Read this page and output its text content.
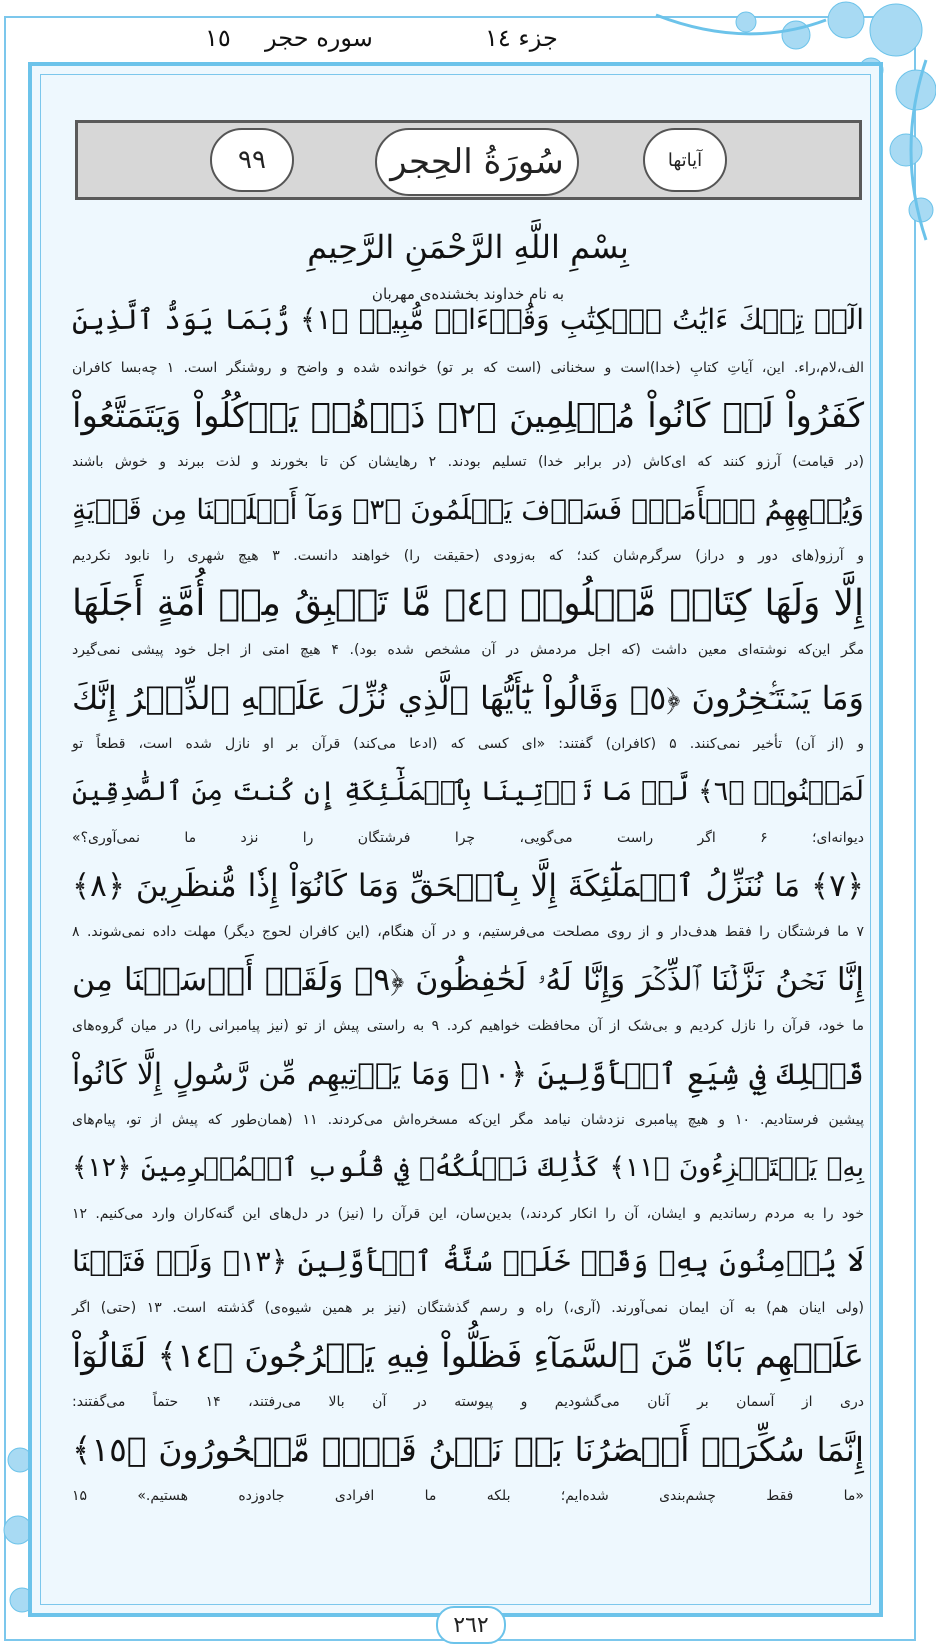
جزء ١٤
سوره حجر
١٥
٩٩	سُورَةُ الحِجر	آیاتها
بِسْمِ اللَّهِ الرَّحْمَنِ الرَّحِيمِ
به نام خداوند بخشنده‌ی مهربان
الٓرۚ تِلۡكَ ءَايَٰتُ ٱلۡكِتَٰبِ وَقُرۡءَانٖ مُّبِينٖ ﴿١﴾ رُّبَمَا يَوَدُّ ٱلَّذِينَ
الف،لام،راء. این، آیاتِ کتابِ (خدا)است و سخنانی (است که بر تو) خوانده شده و واضح و روشنگر است. ۱ چه‌بسا کافران
كَفَرُواْ لَوۡ كَانُواْ مُسۡلِمِينَ ﴿٢﴾ ذَرۡهُمۡ يَأۡكُلُواْ وَيَتَمَتَّعُواْ
(در قیامت) آرزو کنند که ای‌کاش (در برابر خدا) تسلیم بودند. ۲ رهایشان کن تا بخورند و لذت ببرند و خوش باشند
وَيُلۡهِهِمُ ٱلۡأَمَلُۖ فَسَوۡفَ يَعۡلَمُونَ ﴿٣﴾ وَمَآ أَهۡلَكۡنَا مِن قَرۡيَةٍ
و آرزو(های دور و دراز) سرگرم‌شان کند؛ که به‌زودی (حقیقت را) خواهند دانست. ۳ هیچ شهری را نابود نکردیم
إِلَّا وَلَهَا كِتَابٞ مَّعۡلُومٞ ﴿٤﴾ مَّا تَسۡبِقُ مِنۡ أُمَّةٍ أَجَلَهَا
مگر این‌که نوشته‌ای معین داشت (که اجل مردمش در آن مشخص شده بود). ۴ هیچ امتی از اجل خود پیشی نمی‌گیرد
وَمَا يَسۡتَـٔۡخِرُونَ ﴿٥﴾ وَقَالُواْ يَٰٓأَيُّهَا ٱلَّذِي نُزِّلَ عَلَيۡهِ ٱلذِّكۡرُ إِنَّكَ
و (از آن) تأخیر نمی‌کنند. ۵ (کافران) گفتند: «ای کسی که (ادعا می‌کند) قرآن بر او نازل شده است، قطعاً تو
لَمَجۡنُونٞ ﴿٦﴾ لَّوۡ مَا تَأۡتِينَا بِٱلۡمَلَٰٓئِكَةِ إِن كُنتَ مِنَ ٱلصَّٰدِقِينَ
دیوانه‌ای؛ ۶ اگر راست می‌گویی، چرا فرشتگان را نزد ما نمی‌آوری؟»
﴿٧﴾ مَا نُنَزِّلُ ٱلۡمَلَٰٓئِكَةَ إِلَّا بِٱلۡحَقِّ وَمَا كَانُوٓاْ إِذٗا مُّنظَرِينَ ﴿٨﴾
۷ ما فرشتگان را فقط هدف‌دار و از روی مصلحت می‌فرستیم، و در آن هنگام، (این کافران لحوج دیگر) مهلت داده نمی‌شوند. ۸
إِنَّا نَحۡنُ نَزَّلۡنَا ٱلذِّكۡرَ وَإِنَّا لَهُۥ لَحَٰفِظُونَ ﴿٩﴾ وَلَقَدۡ أَرۡسَلۡنَا مِن
ما خود، قرآن را نازل کردیم و بی‌شک از آن محافظت خواهیم کرد. ۹ به راستی پیش از تو (نیز پیامبرانی را) در میان گروه‌های
قَبۡلِكَ فِي شِيَعِ ٱلۡأَوَّلِينَ ﴿١٠﴾ وَمَا يَأۡتِيهِم مِّن رَّسُولٍ إِلَّا كَانُواْ
پیشین فرستادیم. ۱۰ و هیچ پیامبری نزدشان نیامد مگر این‌که مسخره‌اش می‌کردند. ۱۱ (همان‌طور که پیش از تو، پیام‌های
بِهِۦ يَسۡتَهۡزِءُونَ ﴿١١﴾ كَذَٰلِكَ نَسۡلُكُهُۥ فِي قُلُوبِ ٱلۡمُجۡرِمِينَ ﴿١٢﴾
خود را به مردم رساندیم و ایشان، آن را انکار کردند،) بدین‌سان، این قرآن را (نیز) در دل‌های این گنه‌کاران وارد می‌کنیم. ۱۲
لَا يُؤۡمِنُونَ بِهِۦ وَقَدۡ خَلَتۡ سُنَّةُ ٱلۡأَوَّلِينَ ﴿١٣﴾ وَلَوۡ فَتَحۡنَا
(ولی اینان هم) به آن ایمان نمی‌آورند. (آری،) راه و رسم گذشتگان (نیز بر همین شیوه‌ی) گذشته است. ۱۳ (حتی) اگر
عَلَيۡهِم بَابٗا مِّنَ ٱلسَّمَآءِ فَظَلُّواْ فِيهِ يَعۡرُجُونَ ﴿١٤﴾ لَقَالُوٓاْ
دری از آسمان بر آنان می‌گشودیم و پیوسته در آن بالا می‌رفتند، ۱۴ حتماً می‌گفتند:
إِنَّمَا سُكِّرَتۡ أَبۡصَٰرُنَا بَلۡ نَحۡنُ قَوۡمٞ مَّسۡحُورُونَ ﴿١٥﴾
«ما فقط چشم‌بندی شده‌ایم؛ بلکه ما افرادی جادوزده هستیم.» ۱۵
٢٦٢
